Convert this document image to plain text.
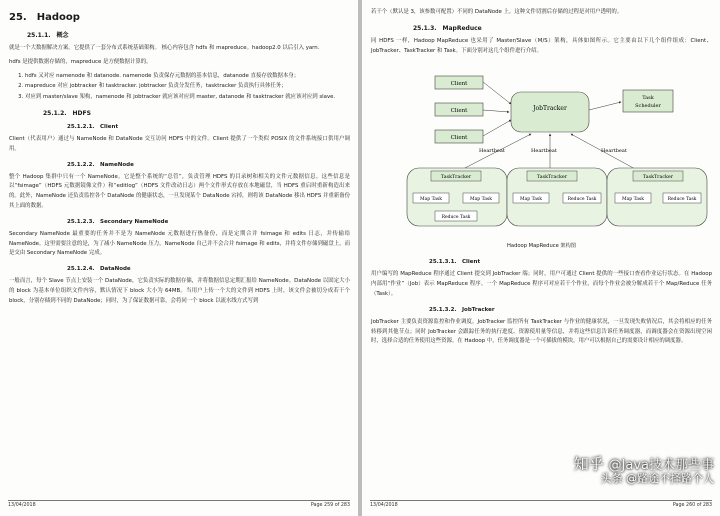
25.　Hadoop
25.1.1.　概念

就是一个大数据解决方案。它提供了一套分布式系统基础架构。 核心内容包含 hdfs 和 mapreduce。hadoop2.0 以后引入 yarn.

hdfs 是提供数据存储的，mapreduce 是方便数据计算的。

1. hdfs 又对应 namenode 和 datanode. namenode 负责保存元数据的基本信息，datanode 直接存放数据本身；
2. mapreduce 对应 jobtracker 和 tasktracker. jobtracker 负责分发任务，tasktracker 负责执行具体任务；
3. 对应到 master/slave 架构，namenode 和 jobtracker 就应该对应到 master, datanode 和 tasktracker 就应该对应到 slave.
25.1.2.　HDFS
25.1.2.1.　Client

Client（代表用户）通过与 NameNode 和 DataNode 交互访问 HDFS 中的文件。Client 提供了一个类似 POSIX 的文件系统接口供用户调用。

25.1.2.2.　NameNode

整个 Hadoop 集群中只有一个 NameNode。它是整个系统的“总管”，负责管理 HDFS 的目录树和相关的文件元数据信息。这些信息是以“fsimage”（HDFS 元数据镜像文件）和“editlog”（HDFS 文件改动日志）两个文件形式存放在本地磁盘，当 HDFS 重启时重新构造出来的。此外，NameNode 还负责监控各个 DataNode 的健康状态，一旦发现某个 DataNode 宕掉，则将该 DataNode 移出 HDFS 并重新备份其上面的数据。

25.1.2.3.　Secondary NameNode

Secondary NameNode 最重要的任务并不是为 NameNode 元数据进行热备份，而是定期合并 fsimage 和 edits 日志，并传输给 NameNode。这里需要注意的是，为了减小 NameNode 压力，NameNode 自己并不会合并 fsimage 和 edits，并将文件存储到磁盘上，而是交由 Secondary NameNode 完成。

25.1.2.4.　DataNode

一般而言，每个 Slave 节点上安装一个 DataNode，它负责实际的数据存储，并将数据信息定期汇报给 NameNode。DataNode 以固定大小的 block 为基本单位组织文件内容，默认情况下 block 大小为 64MB。当用户上传一个大的文件到 HDFS 上时，该文件会被切分成若干个 block，分别存储到不同的 DataNode；同时，为了保证数据可靠，会将同一个 block 以流水线方式写到

13/04/2018	Page 259 of 283

若干个（默认是 3，该参数可配置）不同的 DataNode 上。这种文件切割后存储的过程是对用户透明的。

25.1.3.　MapReduce

同 HDFS 一样，Hadoop MapReduce 也采用了 Master/Slave（M/S）架构，具体如图所示。它主要由以下几个组件组成：Client、JobTracker、TaskTracker 和 Task。下面分别对这几个组件进行介绍。

Client
Client
Client
JobTracker
Task
Scheduler
Heartbeat	Heartbeat	Heartbeat
TaskTracker
Map Task	Map Task
Reduce Task
TaskTracker
Map Task	Reduce Task
TaskTracker
Map Task	Reduce Task
Hadoop MapReduce 架构图
25.1.3.1.　Client

用户编写的 MapReduce 程序通过 Client 提交到 JobTracker 端；同时，用户可通过 Client 提供的一些接口查看作业运行状态。在 Hadoop 内部用“作业”（Job）表示 MapReduce 程序。一个 MapReduce 程序可对应若干个作业，而每个作业会被分解成若干个 Map/Reduce 任务（Task）。

25.1.3.2.　JobTracker

JobTracker 主要负责资源监控和作业调度。JobTracker 监控所有 TaskTracker 与作业的健康状况，一旦发现失败情况后，其会将相应的任务转移到其他节点；同时 JobTracker 会跟踪任务的执行进度、资源使用量等信息，并将这些信息告诉任务调度器，而调度器会在资源出现空闲时，选择合适的任务使用这些资源。在 Hadoop 中，任务调度器是一个可插拔的模块，用户可以根据自己的需要设计相应的调度器。

13/04/2018	Page 260 of 283
知乎 @Java技术那些事
头条 @路途不择路个人
